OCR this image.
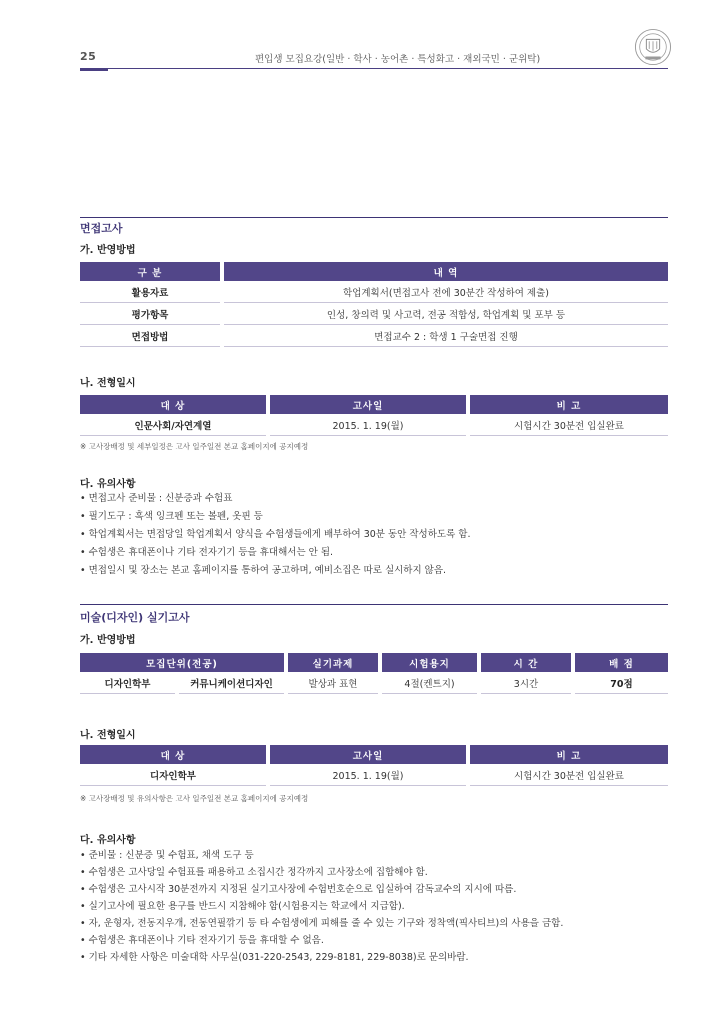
25	편입생 모집요강(일반 · 학사 · 농어촌 · 특성화고 · 재외국민 · 군위탁)
면접고사
가. 반영방법
구 분	내 역
활용자료	학업계획서(면접고사 전에 30분간 작성하여 제출)
평가항목	인성, 창의력 및 사고력, 전공 적합성, 학업계획 및 포부 등
면접방법	면접교수 2 : 학생 1 구술면접 진행
나. 전형일시
대 상	고사일	비 고
인문사회/자연계열	2015. 1. 19(월)	시험시간 30분전 입실완료
※ 고사장배정 및 세부일정은 고사 일주일전 본교 홈페이지에 공지예정
다. 유의사항
• 면접고사 준비물 : 신분증과 수험표
• 필기도구 : 흑색 잉크펜 또는 볼펜, 옷핀 등
• 학업계획서는 면접당일 학업계획서 양식을 수험생들에게 배부하여 30분 동안 작성하도록 함.
• 수험생은 휴대폰이나 기타 전자기기 등을 휴대해서는 안 됨.
• 면접일시 및 장소는 본교 홈페이지를 통하여 공고하며, 예비소집은 따로 실시하지 않음.
미술(디자인) 실기고사
가. 반영방법
모집단위(전공)		실기과제	시험용지	시 간	배 점
디자인학부	커뮤니케이션디자인	발상과 표현	4절(켄트지)	3시간	70점
나. 전형일시
대 상	고사일	비 고
디자인학부	2015. 1. 19(월)	시험시간 30분전 입실완료
※ 고사장배정 및 유의사항은 고사 일주일전 본교 홈페이지에 공지예정
다. 유의사항
• 준비물 : 신분증 및 수험표, 채색 도구 등
• 수험생은 고사당일 수험표를 패용하고 소집시간 정각까지 고사장소에 집합해야 함.
• 수험생은 고사시작 30분전까지 지정된 실기고사장에 수험번호순으로 입실하여 감독교수의 지시에 따름.
• 실기고사에 필요한 용구를 반드시 지참해야 함(시험용지는 학교에서 지급함).
• 자, 운형자, 전동지우개, 전동연필깎기 등 타 수험생에게 피해를 줄 수 있는 기구와 정착액(픽사티브)의 사용을 금함.
• 수험생은 휴대폰이나 기타 전자기기 등을 휴대할 수 없음.
• 기타 자세한 사항은 미술대학 사무실(031-220-2543, 229-8181, 229-8038)로 문의바람.
